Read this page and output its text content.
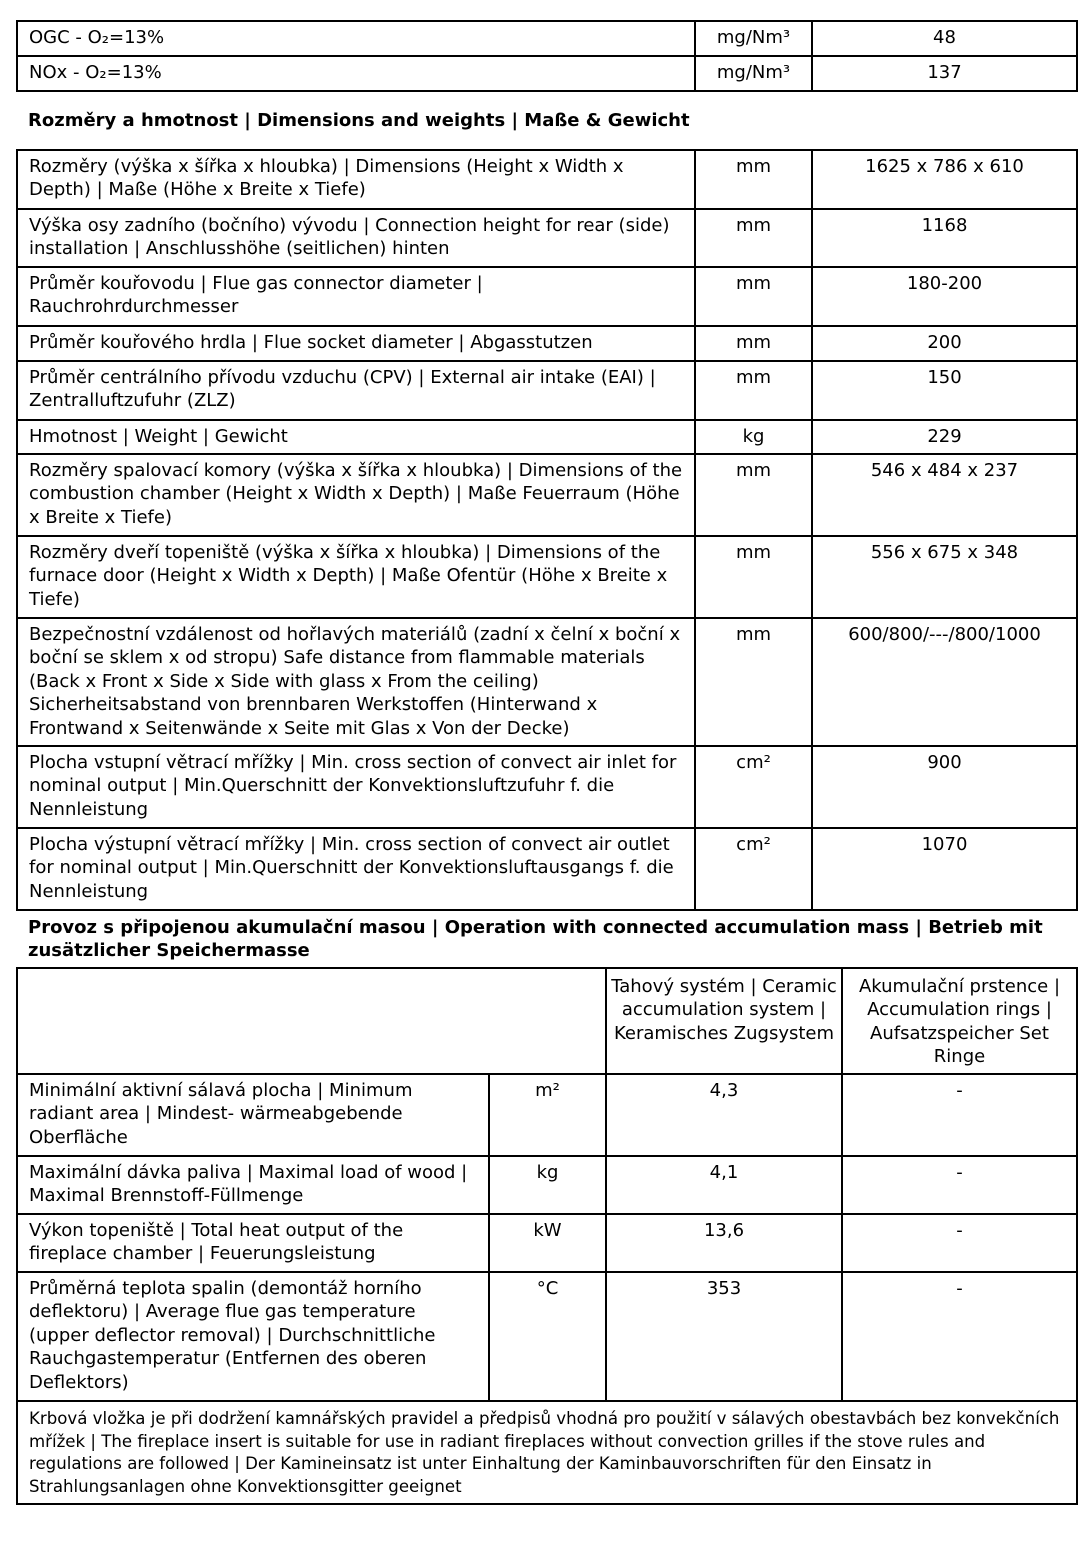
OGC - O₂=13%	mg/Nm³	48
NOx - O₂=13%	mg/Nm³	137
Rozměry a hmotnost | Dimensions and weights | Maße & Gewicht
Rozměry (výška x šířka x hloubka) | Dimensions (Height x Width x Depth) | Maße (Höhe x Breite x Tiefe)	mm	1625 x 786 x 610
Výška osy zadního (bočního) vývodu | Connection height for rear (side) installation | Anschlusshöhe (seitlichen) hinten	mm	1168
Průměr kouřovodu | Flue gas connector diameter | Rauchrohrdurchmesser	mm	180-200
Průměr kouřového hrdla | Flue socket diameter | Abgasstutzen	mm	200
Průměr centrálního přívodu vzduchu (CPV) | External air intake (EAI) | Zentralluftzufuhr (ZLZ)	mm	150
Hmotnost | Weight | Gewicht	kg	229
Rozměry spalovací komory (výška x šířka x hloubka) | Dimensions of the combustion chamber (Height x Width x Depth) | Maße Feuerraum (Höhe x Breite x Tiefe)	mm	546 x 484 x 237
Rozměry dveří topeniště (výška x šířka x hloubka) | Dimensions of the furnace door (Height x Width x Depth) | Maße Ofentür (Höhe x Breite x Tiefe)	mm	556 x 675 x 348
Bezpečnostní vzdálenost od hořlavých materiálů (zadní x čelní x boční x boční se sklem x od stropu) Safe distance from flammable materials (Back x Front x Side x Side with glass x From the ceiling) Sicherheitsabstand von brennbaren Werkstoffen (Hinterwand x Frontwand x Seitenwände x Seite mit Glas x Von der Decke)	mm	600/800/---/800/1000
Plocha vstupní větrací mřížky | Min. cross section of convect air inlet for nominal output | Min.Querschnitt der Konvektionsluftzufuhr f. die Nennleistung	cm²	900
Plocha výstupní větrací mřížky | Min. cross section of convect air outlet for nominal output | Min.Querschnitt der Konvektionsluftausgangs f. die Nennleistung	cm²	1070
Provoz s připojenou akumulační masou | Operation with connected accumulation mass | Betrieb mit zusätzlicher Speichermasse
		Tahový systém | Ceramic accumulation system | Keramisches Zugsystem	Akumulační prstence | Accumulation rings | Aufsatzspeicher Set Ringe
Minimální aktivní sálavá plocha | Minimum radiant area | Mindest- wärmeabgebende Oberfläche	m²	4,3	-
Maximální dávka paliva | Maximal load of wood | Maximal Brennstoff-Füllmenge	kg	4,1	-
Výkon topeniště | Total heat output of the fireplace chamber | Feuerungsleistung	kW	13,6	-
Průměrná teplota spalin (demontáž horního deflektoru) | Average flue gas temperature (upper deflector removal) | Durchschnittliche Rauchgastemperatur (Entfernen des oberen Deflektors)	°C	353	-
Krbová vložka je při dodržení kamnářských pravidel a předpisů vhodná pro použití v sálavých obestavbách bez konvekčních mřížek | The fireplace insert is suitable for use in radiant fireplaces without convection grilles if the stove rules and regulations are followed | Der Kamineinsatz ist unter Einhaltung der Kaminbauvorschriften für den Einsatz in Strahlungsanlagen ohne Konvektionsgitter geeignet			
